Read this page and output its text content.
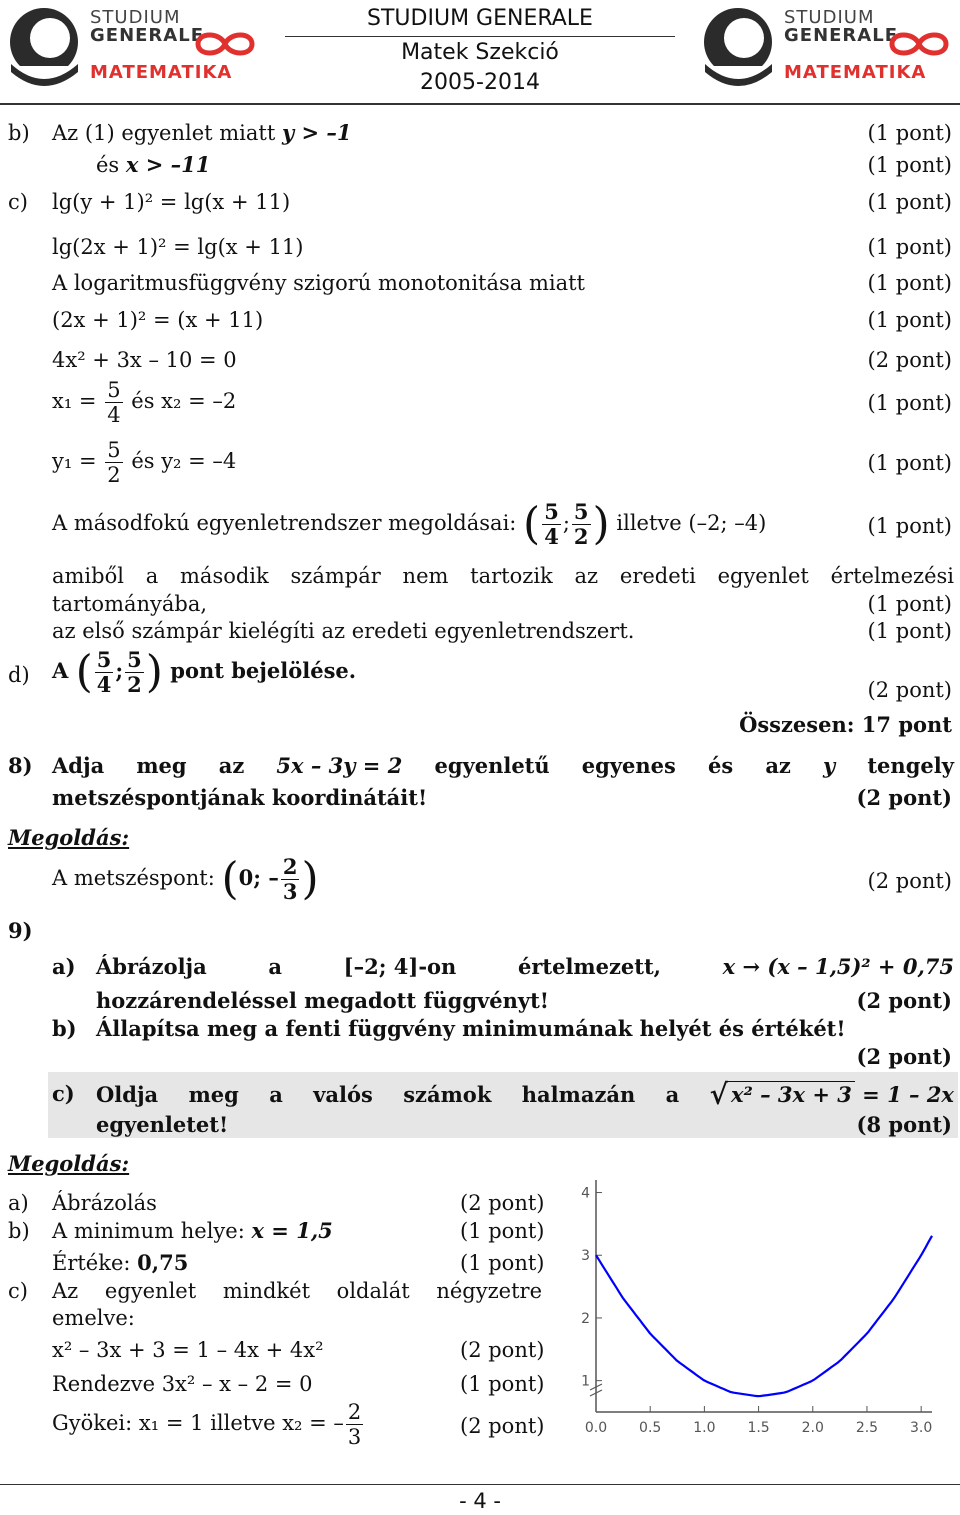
STUDIUM
GENERALE
MATEMATIKA
STUDIUM GENERALE
Matek Szekció
2005-2014
STUDIUM
GENERALE
MATEMATIKA
b) Az (1) egyenlet miatt y > –1	(1 pont)
és x > –11	(1 pont)
c) lg(y + 1)² = lg(x + 11)	(1 pont)
lg(2x + 1)² = lg(x + 11)	(1 pont)
A logaritmusfüggvény szigorú monotonitása miatt	(1 pont)
(2x + 1)² = (x + 11)	(1 pont)
4x² + 3x – 10 = 0	(2 pont)
$x_1 = \frac{5}{4}$ és x₂ = –2	(1 pont)
$y_1 = \frac{5}{2}$ és y₂ = –4	(1 pont)
A másodfokú egyenletrendszer megoldásai: ( $\frac{5}{4}$ ; $\frac{5}{2}$ ) illetve (–2; –4)	(1 pont)
amiből a második számpár nem tartozik az eredeti egyenlet értelmezési
tartományába,	(1 pont)
az első számpár kielégíti az eredeti egyenletrendszert.	(1 pont)
d) A ( $\frac{5}{4}$ ; $\frac{5}{2}$ ) pont bejelölése.
(2 pont)
Összesen: 17 pont
8) Adja meg az 5x – 3y = 2 egyenletű egyenes és az y tengely
metszéspontjának koordinátáit!	(2 pont)
Megoldás:
A metszéspont: (0; – $\frac{2}{3}$ )	(2 pont)
9)
a) Ábrázolja	a	[–2; 4]-on	értelmezett,	x → (x – 1,5)² + 0,75
hozzárendeléssel megadott függvényt!	(2 pont)
b) Állapítsa meg a fenti függvény minimumának helyét és értékét!
(2 pont)
c) Oldja meg a valós számok halmazán a √ x² – 3x + 3
= 1 – 2x
egyenletet!	(8 pont)
Megoldás:
a) Ábrázolás	(2 pont)
b) A minimum helye: x = 1,5	(1 pont)
Értéke: 0,75	(1 pont)
c) Az egyenlet mindkét oldalát négyzetre
emelve:
x² – 3x + 3 = 1 – 4x + 4x²	(2 pont)
Rendezve 3x² – x – 2 = 0	(1 pont)
Gyökei: x₁ = 1 illetve x₂ = – $\frac{2}{3}$	(2 pont)
1
2
3
4
0.0 0.5 1.0 1.5 2.0 2.5 3.0
- 4 -
